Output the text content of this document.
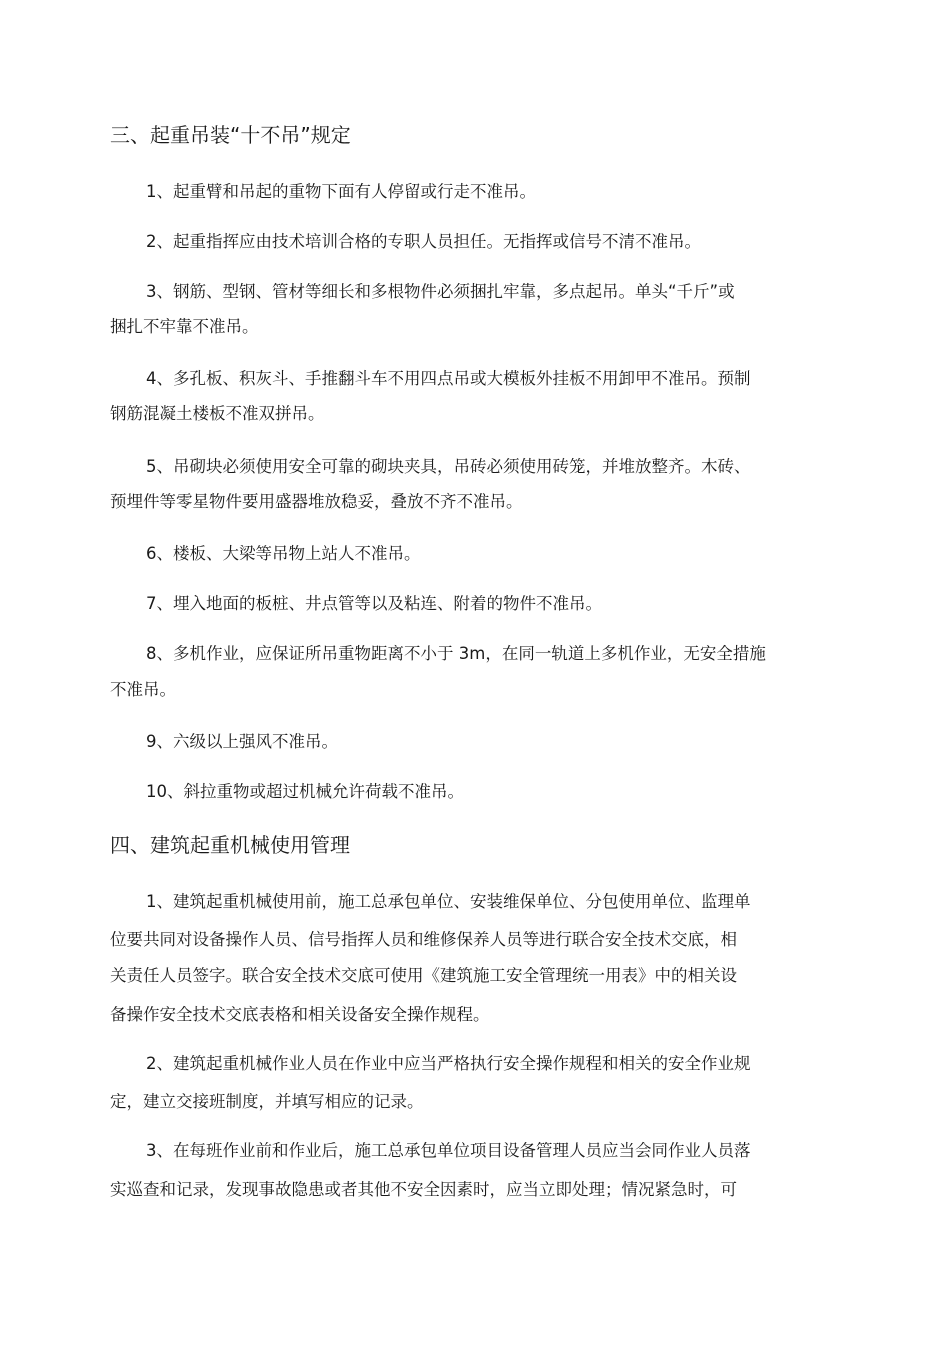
三、起重吊装“十不吊”规定
1、起重臂和吊起的重物下面有人停留或行走不准吊。
2、起重指挥应由技术培训合格的专职人员担任。无指挥或信号不清不准吊。
3、钢筋、型钢、管材等细长和多根物件必须捆扎牢靠，多点起吊。单头“千斤”或
捆扎不牢靠不准吊。
4、多孔板、积灰斗、手推翻斗车不用四点吊或大模板外挂板不用卸甲不准吊。预制
钢筋混凝土楼板不准双拼吊。
5、吊砌块必须使用安全可靠的砌块夹具，吊砖必须使用砖笼，并堆放整齐。木砖、
预埋件等零星物件要用盛器堆放稳妥，叠放不齐不准吊。
6、楼板、大梁等吊物上站人不准吊。
7、埋入地面的板桩、井点管等以及粘连、附着的物件不准吊。
8、多机作业，应保证所吊重物距离不小于 3m，在同一轨道上多机作业，无安全措施
不准吊。
9、六级以上强风不准吊。
10、斜拉重物或超过机械允许荷载不准吊。
四、建筑起重机械使用管理
1、建筑起重机械使用前，施工总承包单位、安装维保单位、分包使用单位、监理单
位要共同对设备操作人员、信号指挥人员和维修保养人员等进行联合安全技术交底，相
关责任人员签字。联合安全技术交底可使用《建筑施工安全管理统一用表》中的相关设
备操作安全技术交底表格和相关设备安全操作规程。
2、建筑起重机械作业人员在作业中应当严格执行安全操作规程和相关的安全作业规
定，建立交接班制度，并填写相应的记录。
3、在每班作业前和作业后，施工总承包单位项目设备管理人员应当会同作业人员落
实巡查和记录，发现事故隐患或者其他不安全因素时，应当立即处理；情况紧急时，可
